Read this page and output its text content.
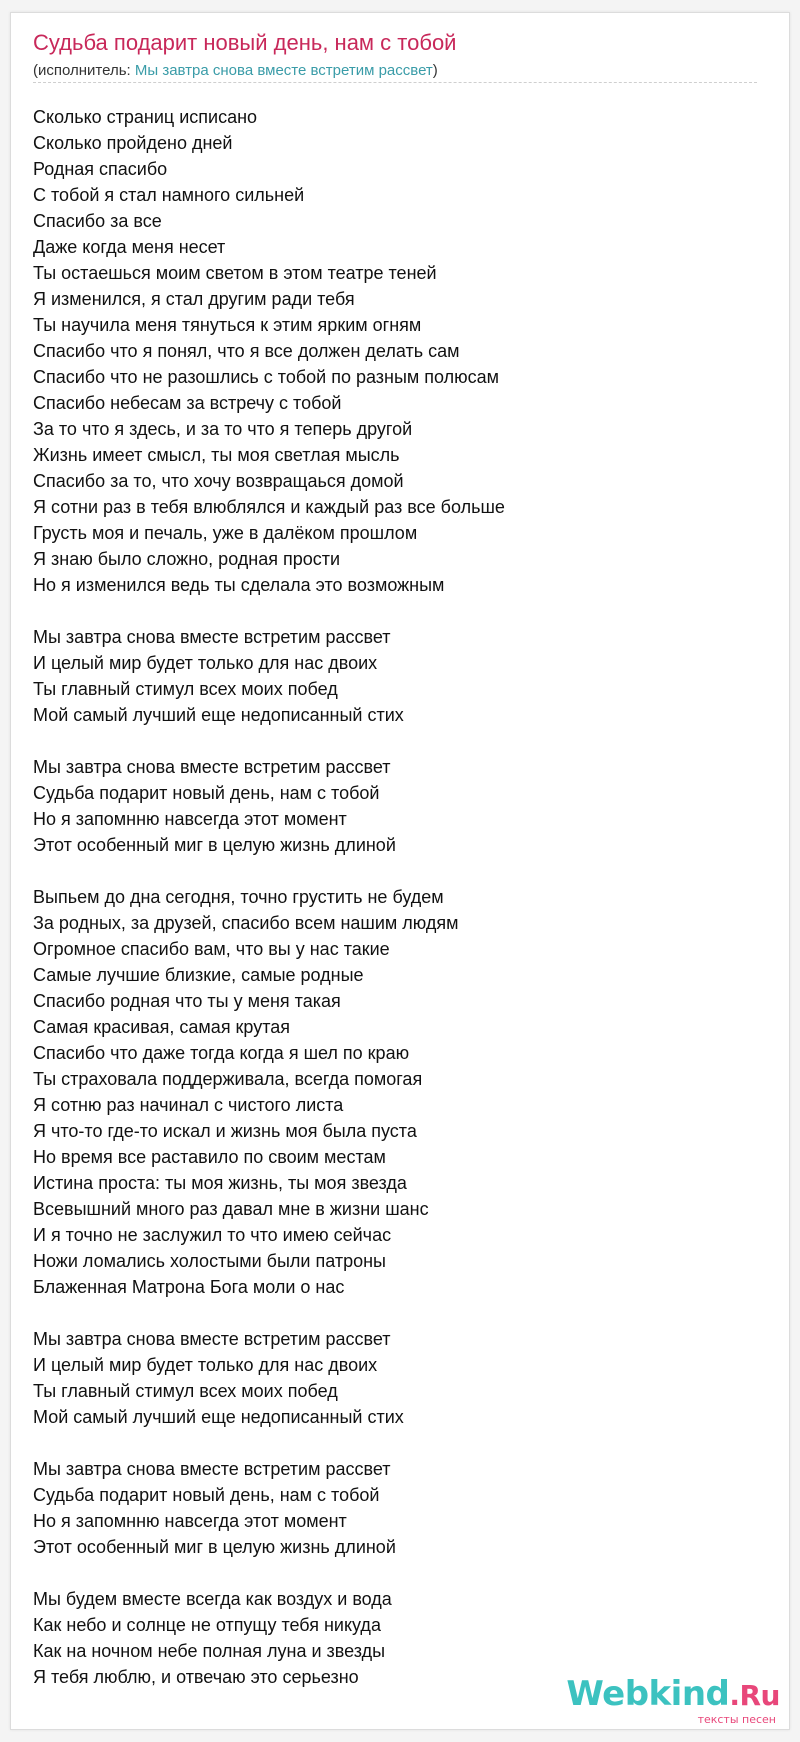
Судьба подарит новый день, нам с тобой
(исполнитель: Мы завтра снова вместе встретим рассвет)
Сколько страниц исписано
Сколько пройдено дней
Родная спасибо
С тобой я стал намного сильней
Спасибо за все
Даже когда меня несет
Ты остаешься моим светом в этом театре теней
Я изменился, я стал другим ради тебя
Ты научила меня тянуться к этим ярким огням
Спасибо что я понял, что я все должен делать сам
Спасибо что не разошлись с тобой по разным полюсам
Спасибо небесам за встречу с тобой
За то что я здесь, и за то что я теперь другой
Жизнь имеет смысл, ты моя светлая мысль
Спасибо за то, что хочу возвращаься домой
Я сотни раз в тебя влюблялся и каждый раз все больше
Грусть моя и печаль, уже в далёком прошлом
Я знаю было сложно, родная прости
Но я изменился ведь ты сделала это возможным
Мы завтра снова вместе встретим рассвет
И целый мир будет только для нас двоих
Ты главный стимул всех моих побед
Мой самый лучший еще недописанный стих
Мы завтра снова вместе встретим рассвет
Судьба подарит новый день, нам с тобой
Но я запомнню навсегда этот момент
Этот особенный миг в целую жизнь длиной
Выпьем до дна сегодня, точно грустить не будем
За родных, за друзей, спасибо всем нашим людям
Огромное спасибо вам, что вы у нас такие
Самые лучшие близкие, самые родные
Спасибо родная что ты у меня такая
Самая красивая, самая крутая
Спасибо что даже тогда когда я шел по краю
Ты страховала поддерживала, всегда помогая
Я сотню раз начинал с чистого листа
Я что-то где-то искал и жизнь моя была пуста
Но время все раставило по своим местам
Истина проста: ты моя жизнь, ты моя звезда
Всевышний много раз давал мне в жизни шанс
И я точно не заслужил то что имею сейчас
Ножи ломались холостыми были патроны
Блаженная Матрона Бога моли о нас
Мы завтра снова вместе встретим рассвет
И целый мир будет только для нас двоих
Ты главный стимул всех моих побед
Мой самый лучший еще недописанный стих
Мы завтра снова вместе встретим рассвет
Судьба подарит новый день, нам с тобой
Но я запомнню навсегда этот момент
Этот особенный миг в целую жизнь длиной
Мы будем вместе всегда как воздух и вода
Как небо и солнце не отпущу тебя никуда
Как на ночном небе полная луна и звезды
Я тебя люблю, и отвечаю это серьезно	Webkind.Ru
тексты песен
